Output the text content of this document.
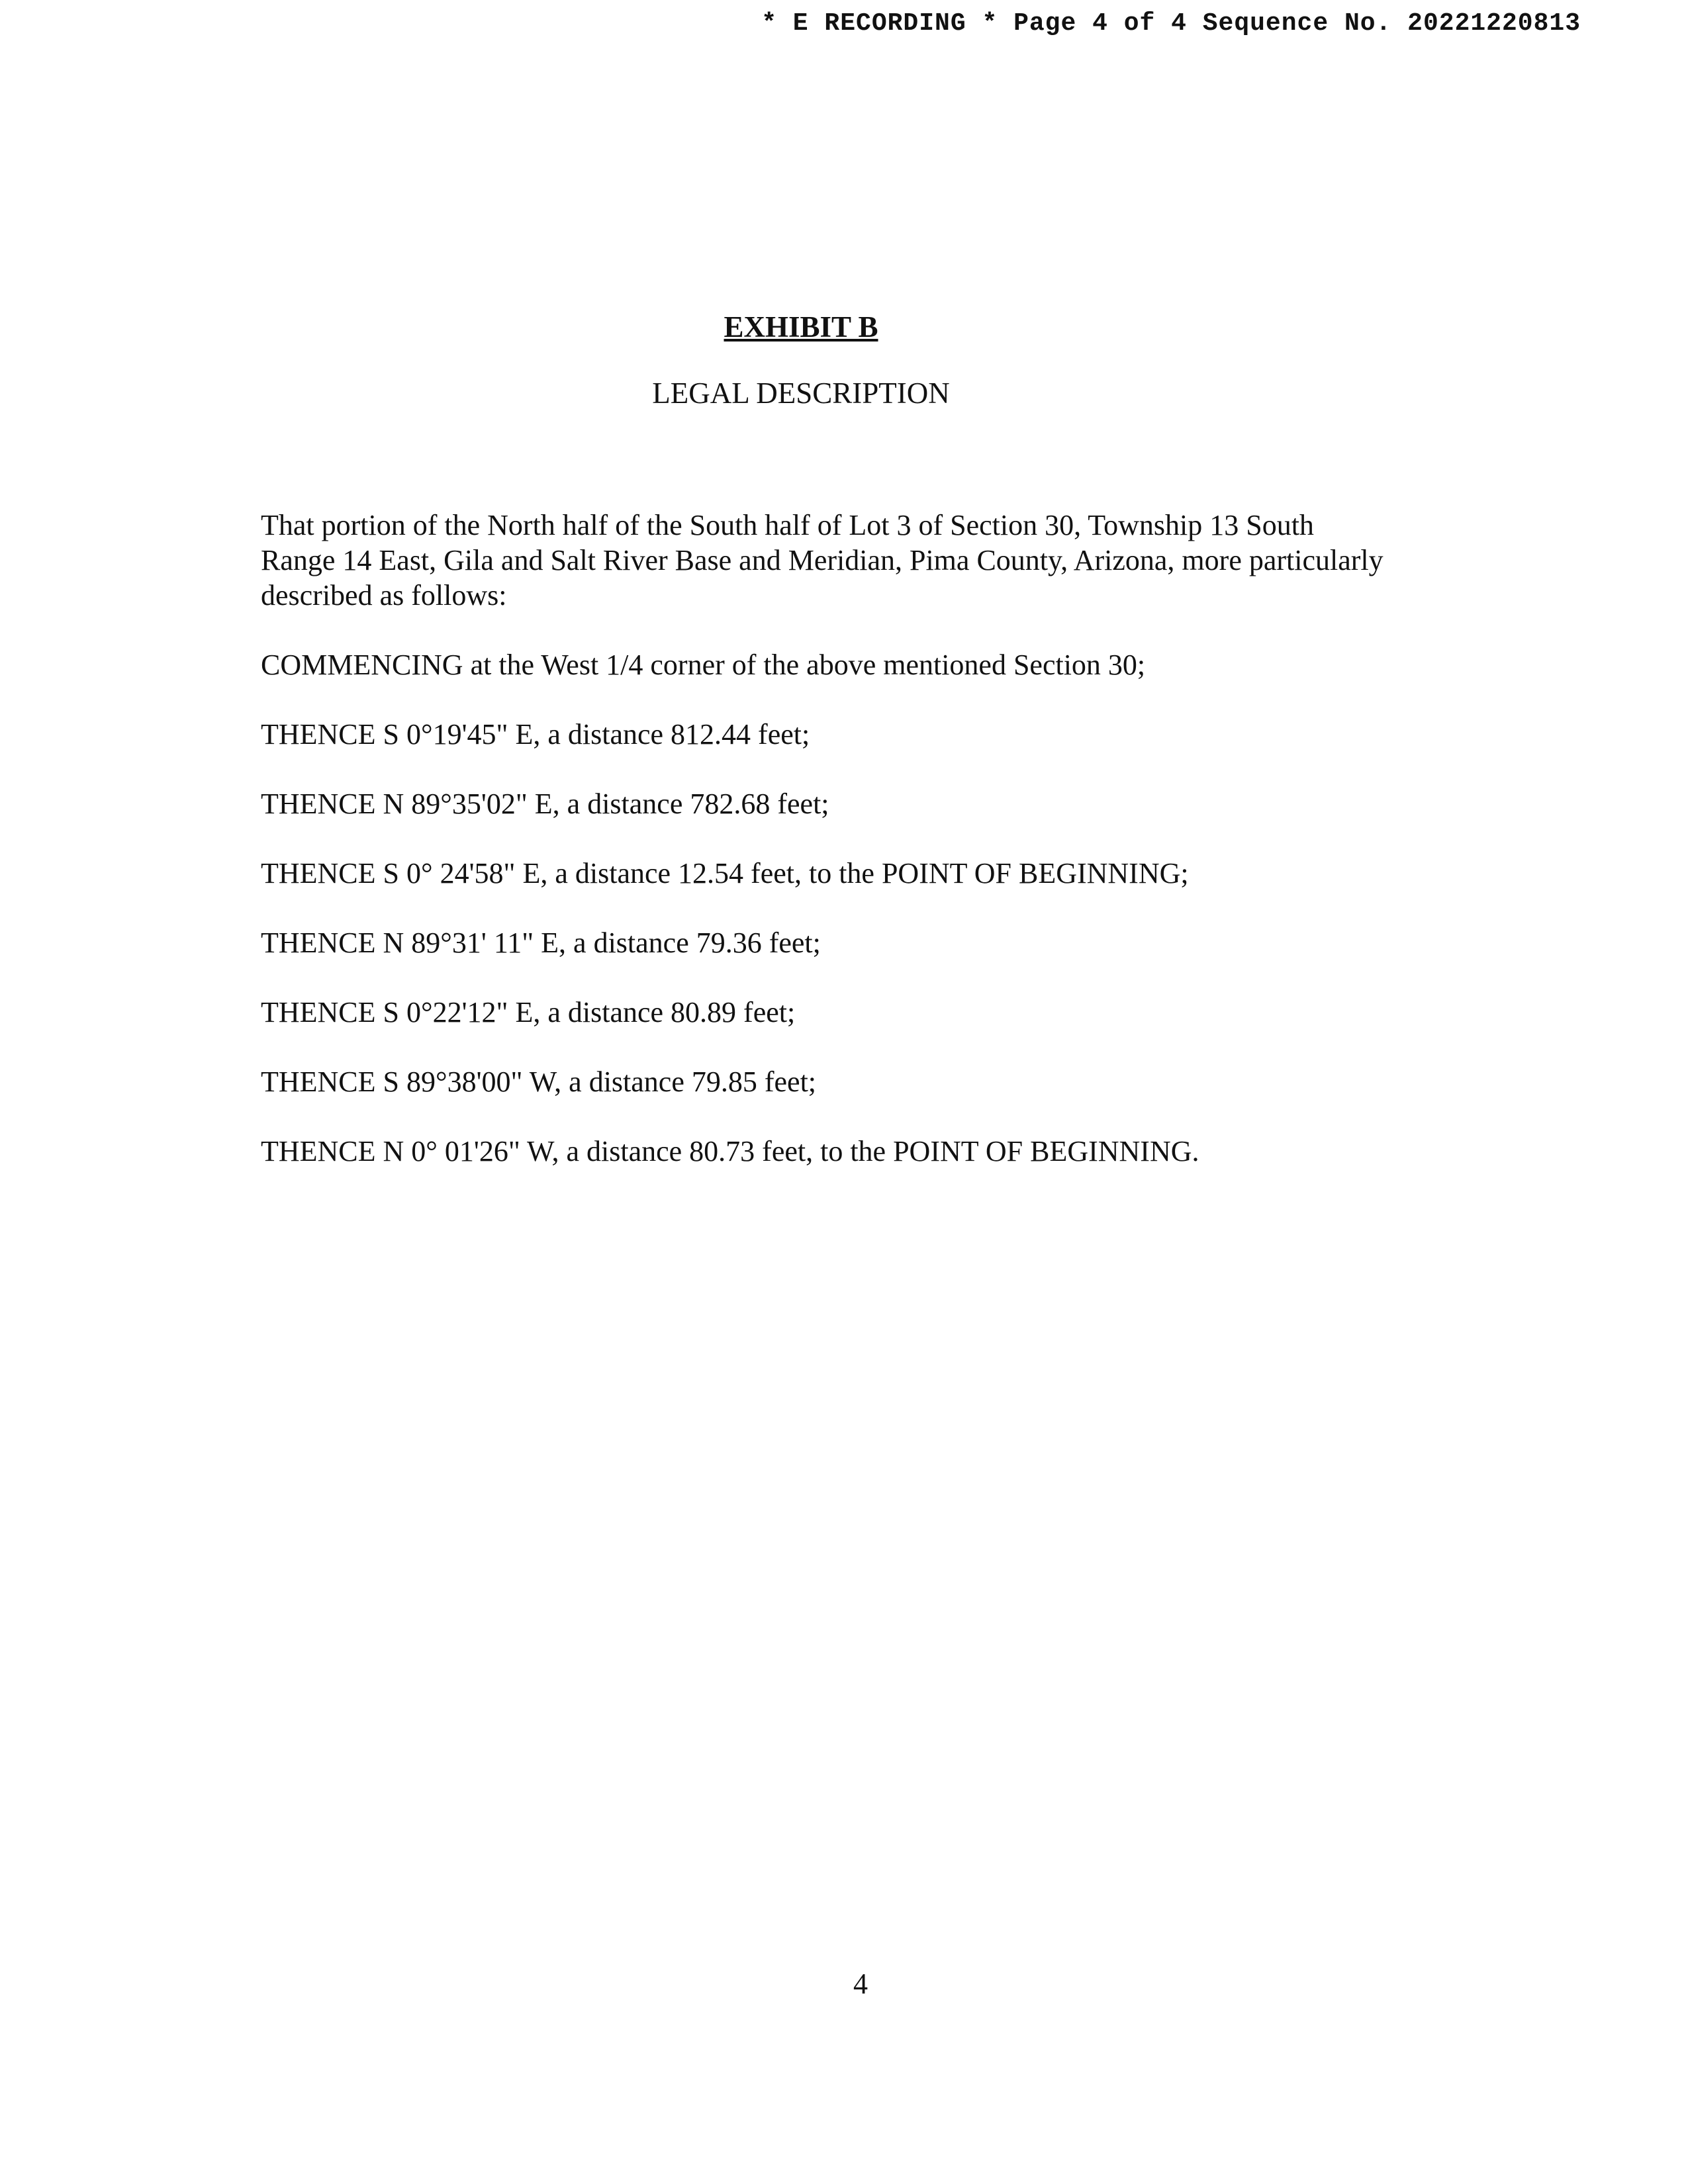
* E RECORDING * Page 4 of 4 Sequence No. 20221220813
EXHIBIT B
LEGAL DESCRIPTION

That portion of the North half of the South half of Lot 3 of Section 30, Township 13 South
Range 14 East, Gila and Salt River Base and Meridian, Pima County, Arizona, more particularly
described as follows:

COMMENCING at the West 1/4 corner of the above mentioned Section 30;

THENCE S 0°19'45" E, a distance 812.44 feet;

THENCE N 89°35'02" E, a distance 782.68 feet;

THENCE S 0° 24'58" E, a distance 12.54 feet, to the POINT OF BEGINNING;

THENCE N 89°31' 11" E, a distance 79.36 feet;

THENCE S 0°22'12" E, a distance 80.89 feet;

THENCE S 89°38'00" W, a distance 79.85 feet;

THENCE N 0° 01'26" W, a distance 80.73 feet, to the POINT OF BEGINNING.

4
